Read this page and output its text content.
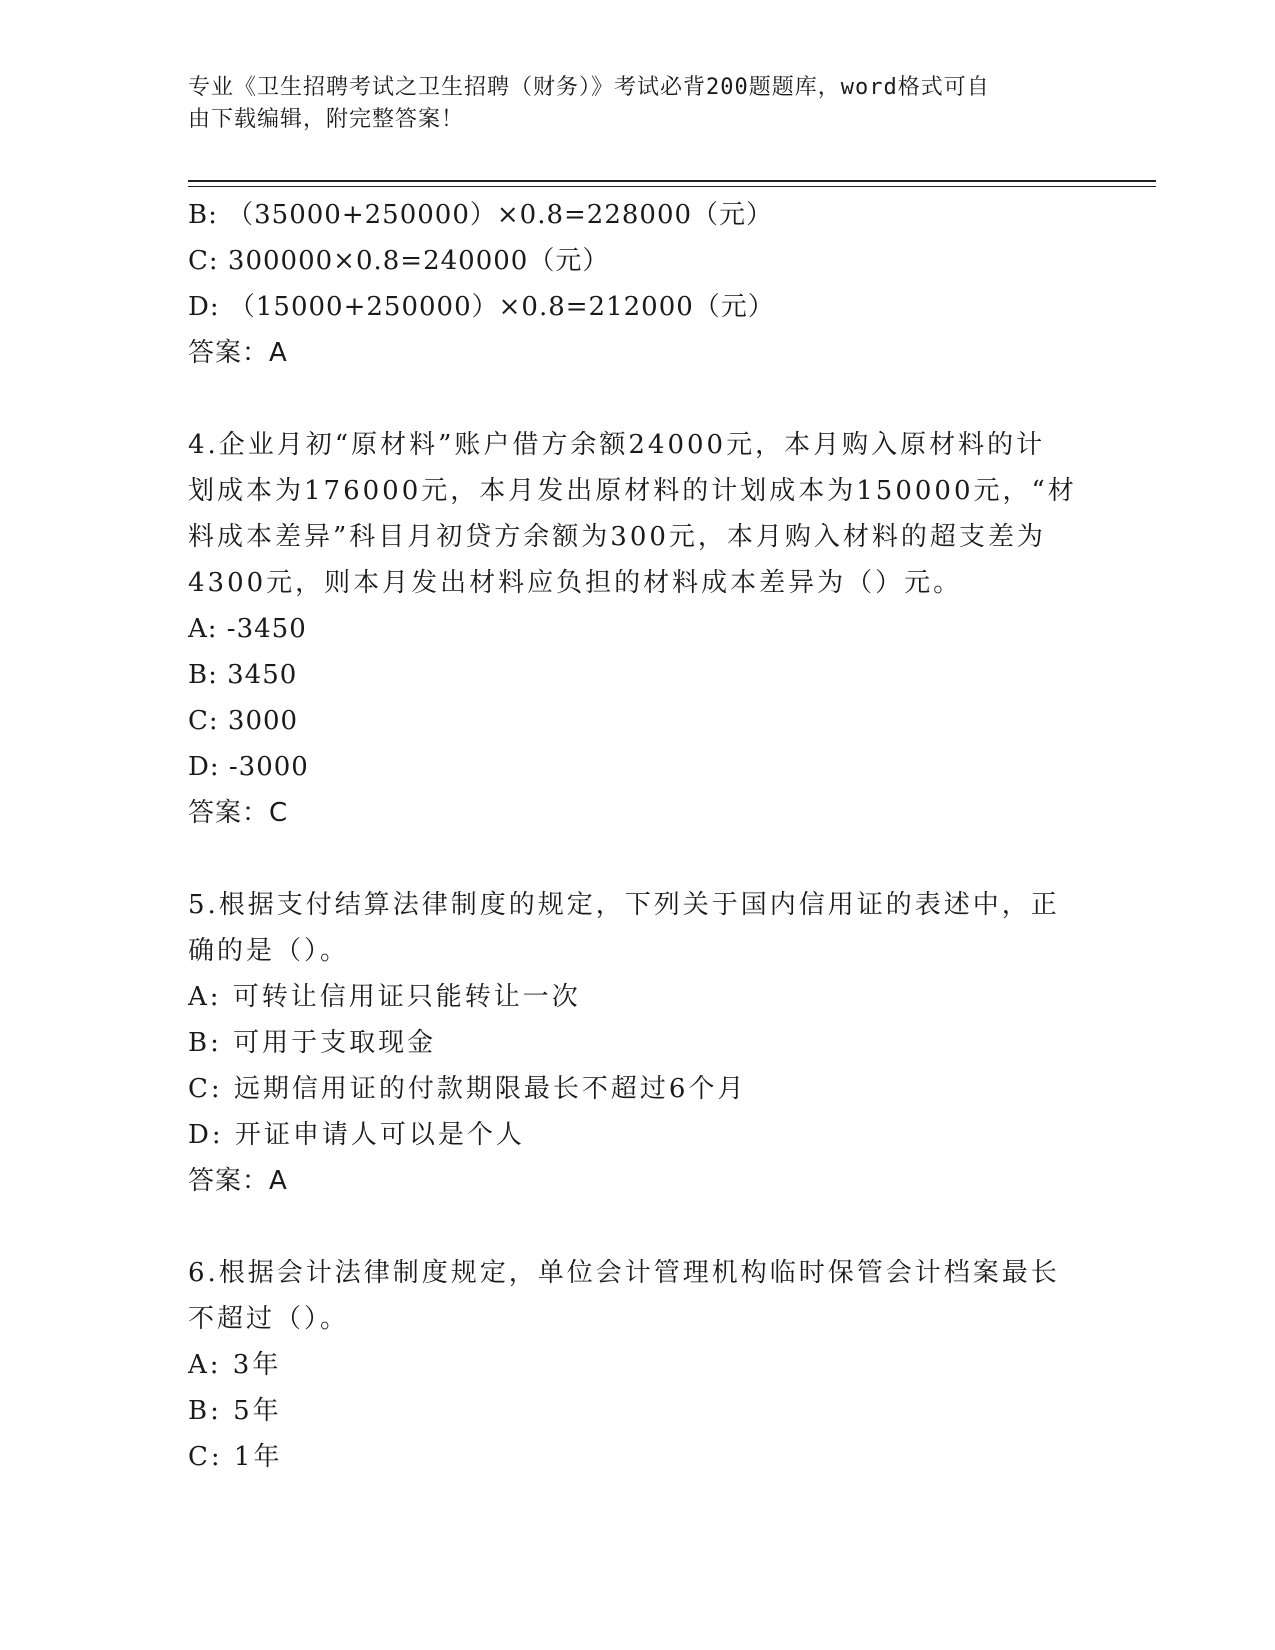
专业《卫生招聘考试之卫生招聘（财务）》考试必背200题题库，word格式可自
由下载编辑，附完整答案！
B: （35000+250000）×0.8=228000（元）
C: 300000×0.8=240000（元）
D: （15000+250000）×0.8=212000（元）
答案：A
4.企业月初“原材料”账户借方余额24000元，本月购入原材料的计
划成本为176000元，本月发出原材料的计划成本为150000元，“材
料成本差异”科目月初贷方余额为300元，本月购入材料的超支差为
4300元，则本月发出材料应负担的材料成本差异为（）元。
A: -3450
B: 3450
C: 3000
D: -3000
答案：C
5.根据支付结算法律制度的规定，下列关于国内信用证的表述中，正
确的是（）。
A: 可转让信用证只能转让一次
B: 可用于支取现金
C: 远期信用证的付款期限最长不超过6个月
D: 开证申请人可以是个人
答案：A
6.根据会计法律制度规定，单位会计管理机构临时保管会计档案最长
不超过（）。
A: 3年
B: 5年
C: 1年
